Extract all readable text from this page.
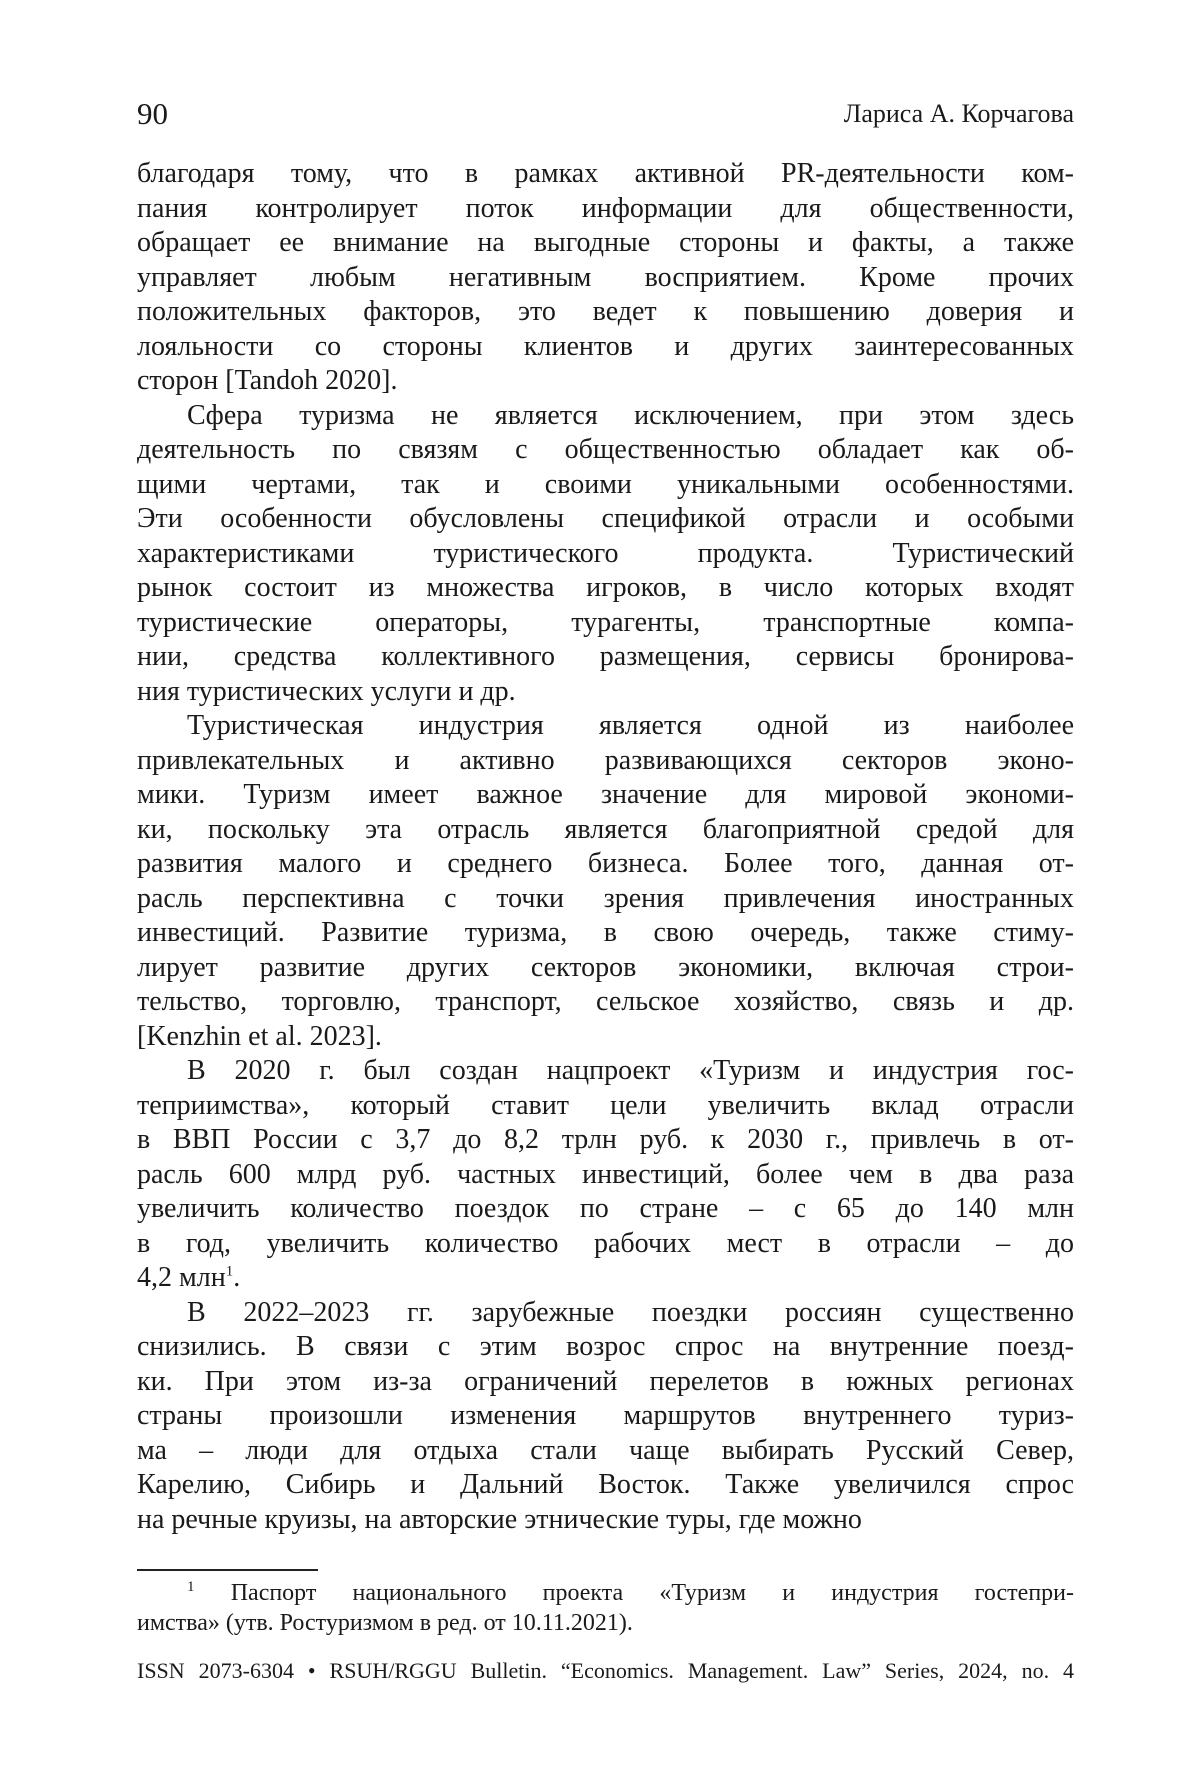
90	Лариса А. Корчагова
благодаря тому, что в рамках активной PR-деятельности ком-
пания контролирует поток информации для общественности,
обращает ее внимание на выгодные стороны и факты, а также
управляет любым негативным восприятием. Кроме прочих
положительных факторов, это ведет к повышению доверия и
лояльности со стороны клиентов и других заинтересованных
сторон [Tandoh 2020].
Сфера туризма не является исключением, при этом здесь
деятельность по связям с общественностью обладает как об-
щими чертами, так и своими уникальными особенностями.
Эти особенности обусловлены спецификой отрасли и особыми
характеристиками туристического продукта. Туристический
рынок состоит из множества игроков, в число которых входят
туристические операторы, турагенты, транспортные компа-
нии, средства коллективного размещения, сервисы бронирова-
ния туристических услуги и др.
Туристическая индустрия является одной из наиболее
привлекательных и активно развивающихся секторов эконо-
мики. Туризм имеет важное значение для мировой экономи-
ки, поскольку эта отрасль является благоприятной средой для
развития малого и среднего бизнеса. Более того, данная от-
расль перспективна с точки зрения привлечения иностранных
инвестиций. Развитие туризма, в свою очередь, также стиму-
лирует развитие других секторов экономики, включая строи-
тельство, торговлю, транспорт, сельское хозяйство, связь и др.
[Kenzhin et al. 2023].
В 2020 г. был создан нацпроект «Туризм и индустрия гос-
теприимства», который ставит цели увеличить вклад отрасли
в ВВП России с 3,7 до 8,2 трлн руб. к 2030 г., привлечь в от-
расль 600 млрд руб. частных инвестиций, более чем в два раза
увеличить количество поездок по стране – с 65 до 140 млн
в год, увеличить количество рабочих мест в отрасли – до
4,2 млн$^1$.
В 2022–2023 гг. зарубежные поездки россиян существенно
снизились. В связи с этим возрос спрос на внутренние поезд-
ки. При этом из-за ограничений перелетов в южных регионах
страны произошли изменения маршрутов внутреннего туриз-
ма – люди для отдыха стали чаще выбирать Русский Север,
Карелию, Сибирь и Дальний Восток. Также увеличился спрос
на речные круизы, на авторские этнические туры, где можно
$^1$ Паспорт национального проекта «Туризм и индустрия гостепри-
имства» (утв. Ростуризмом в ред. от 10.11.2021).
ISSN 2073-6304 • RSUH/RGGU Bulletin. “Economics. Management. Law” Series, 2024, no. 4
